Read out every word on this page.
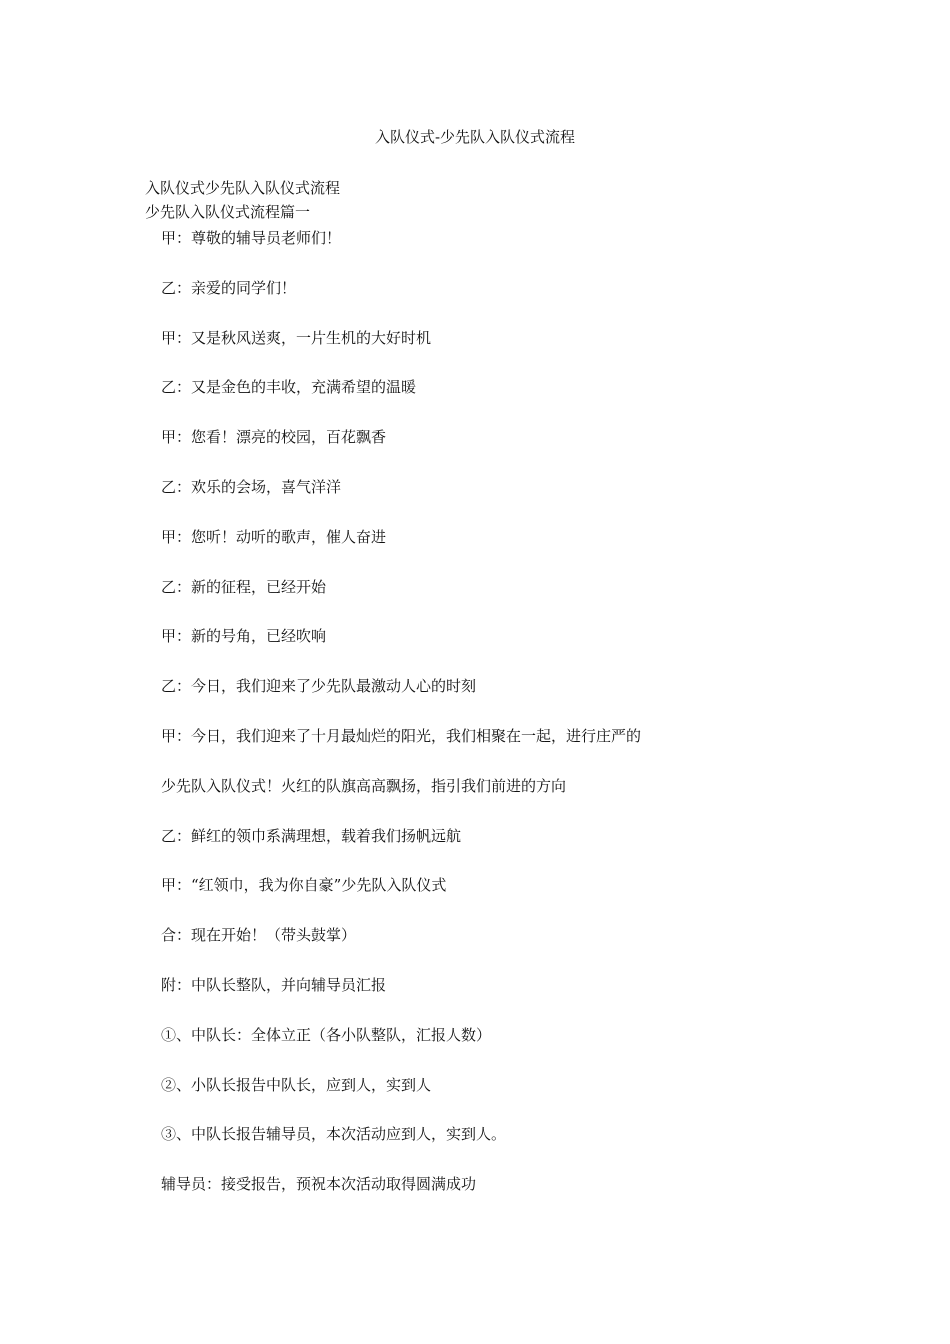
入队仪式-少先队入队仪式流程
入队仪式少先队入队仪式流程
少先队入队仪式流程篇一
甲：尊敬的辅导员老师们！
乙：亲爱的同学们！
甲：又是秋风送爽，一片生机的大好时机
乙：又是金色的丰收，充满希望的温暖
甲：您看！漂亮的校园，百花飘香
乙：欢乐的会场，喜气洋洋
甲：您听！动听的歌声，催人奋进
乙：新的征程，已经开始
甲：新的号角，已经吹响
乙：今日，我们迎来了少先队最激动人心的时刻
甲：今日，我们迎来了十月最灿烂的阳光，我们相聚在一起，进行庄严的
少先队入队仪式！火红的队旗高高飘扬，指引我们前进的方向
乙：鲜红的领巾系满理想，载着我们扬帆远航
甲：“红领巾，我为你自豪”少先队入队仪式
合：现在开始！（带头鼓掌）
附：中队长整队，并向辅导员汇报
①、中队长：全体立正（各小队整队，汇报人数）
②、小队长报告中队长，应到人，实到人
③、中队长报告辅导员，本次活动应到人，实到人。
辅导员：接受报告，预祝本次活动取得圆满成功
